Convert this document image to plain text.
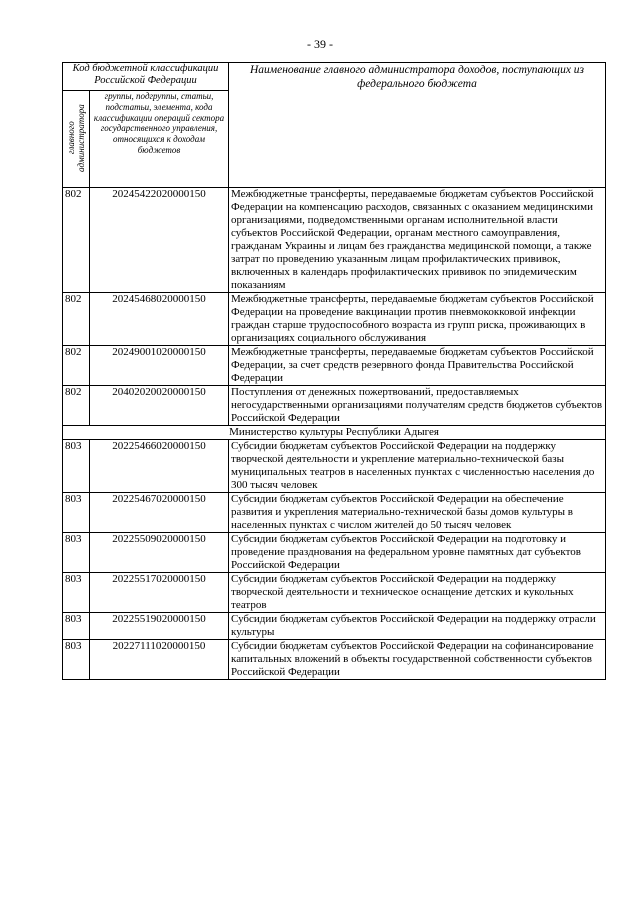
- 39 -
Код бюджетной классификации Российской Федерации		Наименование главного администратора доходов, поступающих из федерального бюджета

главного администратора	группы, подгруппы, статьи, подстатьи, элемента, кода классификации операций сектора государственного управления, относящихся к доходам бюджетов	
802	20245422020000150	Межбюджетные трансферты, передаваемые бюджетам субъектов Российской Федерации на компенсацию расходов, связанных с оказанием медицинскими организациями, подведомственными органам исполнительной власти субъектов Российской Федерации, органам местного самоуправления, гражданам Украины и лицам без гражданства медицинской помощи, а также затрат по проведению указанным лицам профилактических прививок, включенных в календарь профилактических прививок по эпидемическим показаниям
802	20245468020000150	Межбюджетные трансферты, передаваемые бюджетам субъектов Российской Федерации на проведение вакцинации против пневмококковой инфекции граждан старше трудоспособного возраста из групп риска, проживающих в организациях социального обслуживания
802	20249001020000150	Межбюджетные трансферты, передаваемые бюджетам субъектов Российской Федерации, за счет средств резервного фонда Правительства Российской Федерации
802	20402020020000150	Поступления от денежных пожертвований, предоставляемых негосударственными организациями получателям средств бюджетов субъектов Российской Федерации
Министерство культуры Республики Адыгея		
803	20225466020000150	Субсидии бюджетам субъектов Российской Федерации на поддержку творческой деятельности и укрепление материально-технической базы муниципальных театров в населенных пунктах с численностью населения до 300 тысяч человек
803	20225467020000150	Субсидии бюджетам субъектов Российской Федерации на обеспечение развития и укрепления материально-технической базы домов культуры в населенных пунктах с числом жителей до 50 тысяч человек
803	20225509020000150	Субсидии бюджетам субъектов Российской Федерации на подготовку и проведение празднования на федеральном уровне памятных дат субъектов Российской Федерации
803	20225517020000150	Субсидии бюджетам субъектов Российской Федерации на поддержку творческой деятельности и техническое оснащение детских и кукольных театров
803	20225519020000150	Субсидии бюджетам субъектов Российской Федерации на поддержку отрасли культуры
803	20227111020000150	Субсидии бюджетам субъектов Российской Федерации на софинансирование капитальных вложений в объекты государственной собственности субъектов Российской Федерации
